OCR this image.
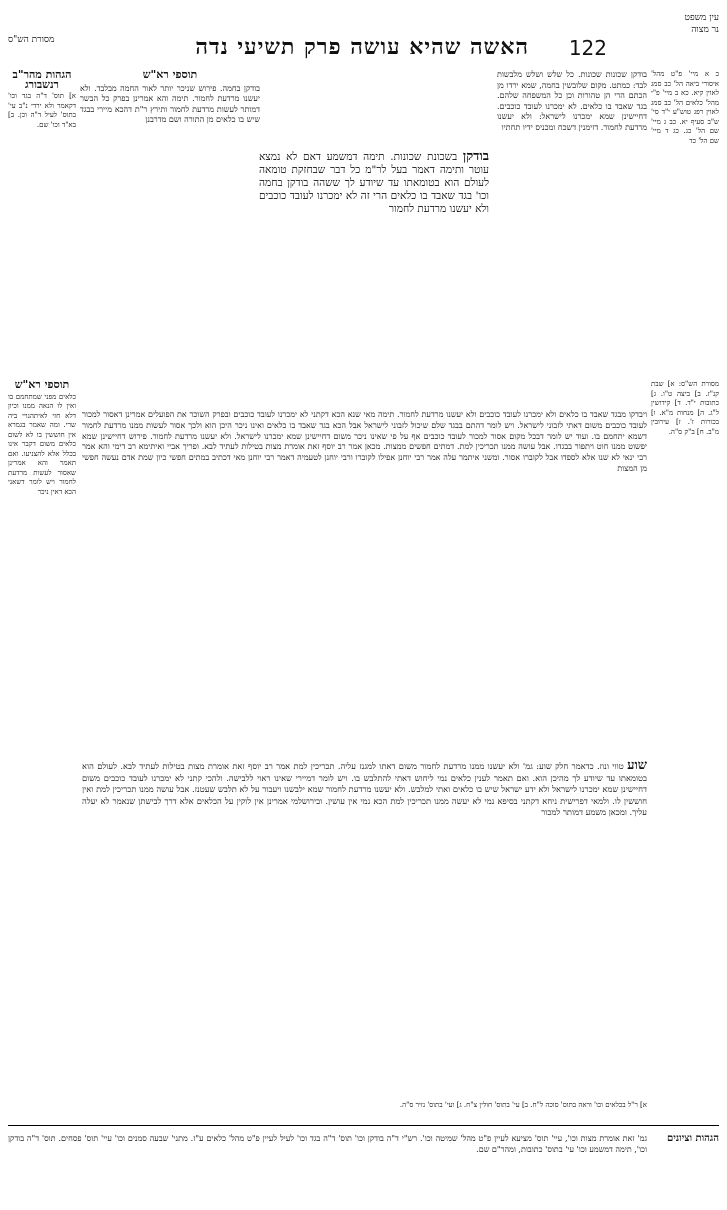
עין משפט
נר מצוה
122
האשה שהיא עושה פרק תשיעי נדה
מסורת הש"ס
כ א מיי' פ"ט מהל' איסורי ביאה הל' כב סמג לאוין קיא. כא ב מיי' פ"י מהל' כלאים הל' כב סמג לאוין רפג טוש"ע י"ד סי' ש"ב סעיף יא. כב ג מיי' שם הל' כג. כג ד מיי' שם הל' כד
בודקן שכונות שכונות. כל שלש ושלש מלבשות לבד: כמתט. מקום שלובשין בחמה, שמא ירדו מן הכתם הרי הן טהורות וכן כל המשפחה שלהם. בגד שאבד בו כלאים. לא ימכרנו לעובד כוכבים. דחיישינן שמא ימכרנו לישראל: ולא יעשנו מרדעת לחמור. דזימנין דשכח ומכניס ידיו תחתיו
בודקן בשכונת שכונות. תימה דמשמע דאם לא נמצא עוטר ותימה דאמר בעל לר"מ כל דבר שבחזקת טומאה לעולם הוא בטומאתו עד שיודע לך ששהה בודקן בחמה וכו' בגד שאבד בו כלאים הרי זה לא ימכרנו לעובד כוכבים ולא יעשנו מרדעת לחמור
תוספי רא"ש
בודקן בחמה. פירוש שניכר יותר לאור החמה מבלבד. ולא יעשנו מרדעת לחמור. תימה והא אמרינן בפרק כל הבשר דמותר לעשות מרדעת לחמור ותירץ ר"ת דהכא מיירי בבגד שיש בו כלאים מן התורה ושם מדרבנן
הגהות מהר"ב רנשבורג
א] תוס' ד"ה בגד וכו' דקאמר ולא ירדי נ"ב עי' בתוס' לעיל ד"ה וכן. ב] בא"ד וכו' שם.
ויבדקו מבגד שאבד בו כלאים ולא ימכרנו לעובד כוכבים ולא יעשנו מרדעת לחמור. תימה מאי שנא הכא דקתני לא ימכרנו לעובד כוכבים ובפרק השוכר את הפועלים אמרינן דאסור למכור לעובד כוכבים משום דאתי לזבוני לישראל. ויש לומר דהתם בבגד שלם שיכול לזבוני לישראל אבל הכא בגד שאבד בו כלאים ואינו ניכר היכן הוא ולכך אסור לעשות ממנו מרדעת לחמור דשמא יתחמם בו. ועוד יש לומר דבכל מקום אסור למכור לעובד כוכבים אף על פי שאינו ניכר משום דחיישינן שמא ימכרנו לישראל. ולא יעשנו מרדעת לחמור. פירוש דחיישינן שמא יפשוט ממנו חוט ויתפור בבגדו. אבל עושה ממנו תכריכין למת. דמתים חפשים ממצות. מכאן אמר רב יוסף זאת אומרת מצות בטילות לעתיד לבא. ופריך אביי ואיתימא רב דימי והא אמר רבי ינאי לא שנו אלא לספדו אבל לקוברו אסור. ומשני איתמר עלה אמר רבי יוחנן אפילו לקוברו ורבי יוחנן לטעמיה דאמר רבי יוחנן מאי דכתיב במתים חפשי כיון שמת אדם נעשה חפשי מן המצות
תוספי רא"ש
כלאים מפני שמתחמם בו ואין לו הנאה ממנו וכיון דלא חזי לאיתהנויי ביה שרי. ומה שאמר בגמרא אין חוששין בו לא לשום כלאים משום דקבר אינו בכלל אלא להצניעו. ואם תאמר והא אמרינן שאסור לעשות מרדעת לחמור ויש לומר דשאני הכא דאין ניכר
מסורת הש"ס: א] שבת קנ"ז. ב] ביצה ט"ו. ג] כתובות י"ד. ד] קידושין ל"ג. ה] מנחות מ"א. ו] בכורות ז'. ז] עירובין מ"ב. ח] ב"ק ס"ה.
שוע טווי ונוז. כדאמר חלק שוע: גמ' ולא יעשנו ממנו מרדעת לחמור משום דאתו למגנז עליה. תכריכין למת אמר רב יוסף זאת אומרת מצות בטילות לעתיד לבא. לעולם הוא בטומאתו עד שיודע לך מהיכן הוא. ואם תאמר לענין כלאים נמי ליחוש דאתי להתלבש בו. ויש לומר דמיירי שאינו ראוי ללבישה. ולהכי קתני לא ימכרנו לעובד כוכבים משום דחיישינן שמא ימכרנו לישראל ולא ידע ישראל שיש בו כלאים ואתי למלבש. ולא יעשנו מרדעת לחמור שמא ילבשנו ויעבור על לא תלבש שעטנז. אבל עושה ממנו תכריכין למת ואין חוששין לו. ולמאי דפרישית ניחא דקתני בסיפא נמי לא יעשה ממנו תכריכין למת הכא נמי אין עושין. ובירושלמי אמרינן אין לוקין על הכלאים אלא דרך לבישתן שנאמר לא יעלה עליך. ומכאן משמע דמותר למכור
א] ר"ל בכלאים וכו' וראה בתוס' סוכה ל"ח. ב] עי' בתוס' חולין צ"ח. ג] ועי' בתוס' נזיר ס"ה.
הגהות וציונים
גמ' זאת אומרת מצות וכו', עיי' תוס' מציעא לעיין פ"ט מהל' שמיטה וכו'. רש"י ד"ה בודקן וכו' תוס' ד"ה בגד וכו' לעיל לעיין פ"ט מהל' כלאים ע"ז. מתני' שבעה סמנים וכו' עיי' תוס' פסחים. תוס' ד"ה בודקן וכו', תימה דמשמע וכו' עי' בתוס' כתובות, ומהר"ם שם.
